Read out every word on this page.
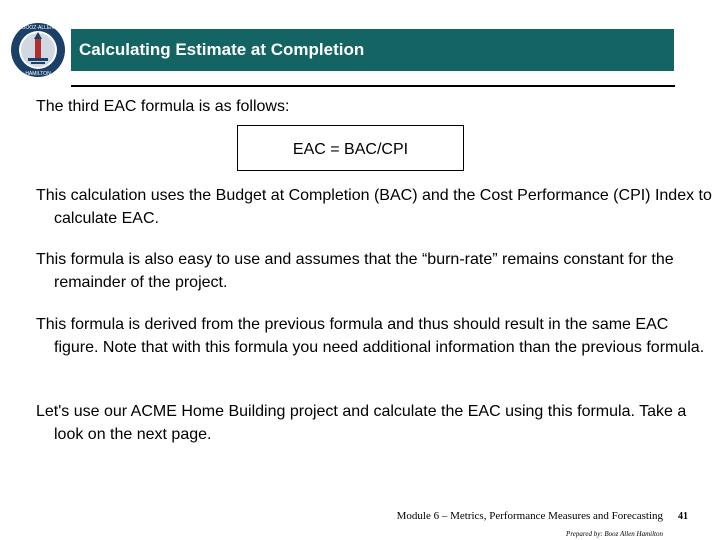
BOOZ·ALLEN
HAMILTON
Calculating Estimate at Completion
The third EAC formula is as follows:
EAC = BAC/CPI

This calculation uses the Budget at Completion (BAC) and the Cost Performance (CPI) Index to calculate EAC.

This formula is also easy to use and assumes that the “burn-rate” remains constant for the remainder of the project.

This formula is derived from the previous formula and thus should result in the same EAC figure. Note that with this formula you need additional information than the previous formula.

Let's use our ACME Home Building project and calculate the EAC using this formula. Take a look on the next page.

Module 6 – Metrics, Performance Measures and Forecasting
Prepared by: Booz Allen Hamilton
41
